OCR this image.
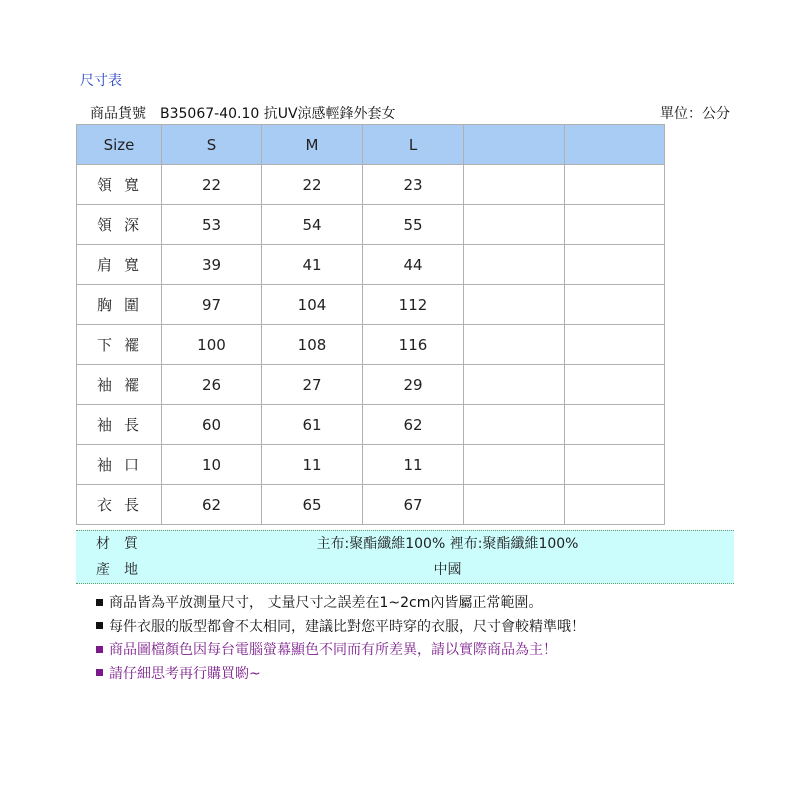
尺寸表
商品貨號　B35067-40.10 抗UV涼感輕鋒外套女	單位：公分
Size	S	M	L		
領寬	22	22	23		
領深	53	54	55		
肩寬	39	41	44		
胸圍	97	104	112		
下襬	100	108	116		
袖襬	26	27	29		
袖長	60	61	62		
袖口	10	11	11		
衣長	62	65	67		
材質	主布:聚酯纖維100% 裡布:聚酯纖維100%
產地	中國
商品皆為平放測量尺寸， 丈量尺寸之誤差在1~2cm內皆屬正常範圍。
每件衣服的版型都會不太相同，建議比對您平時穿的衣服，尺寸會較精準哦！
商品圖檔顏色因每台電腦螢幕顯色不同而有所差異，請以實際商品為主！
請仔細思考再行購買喲~
